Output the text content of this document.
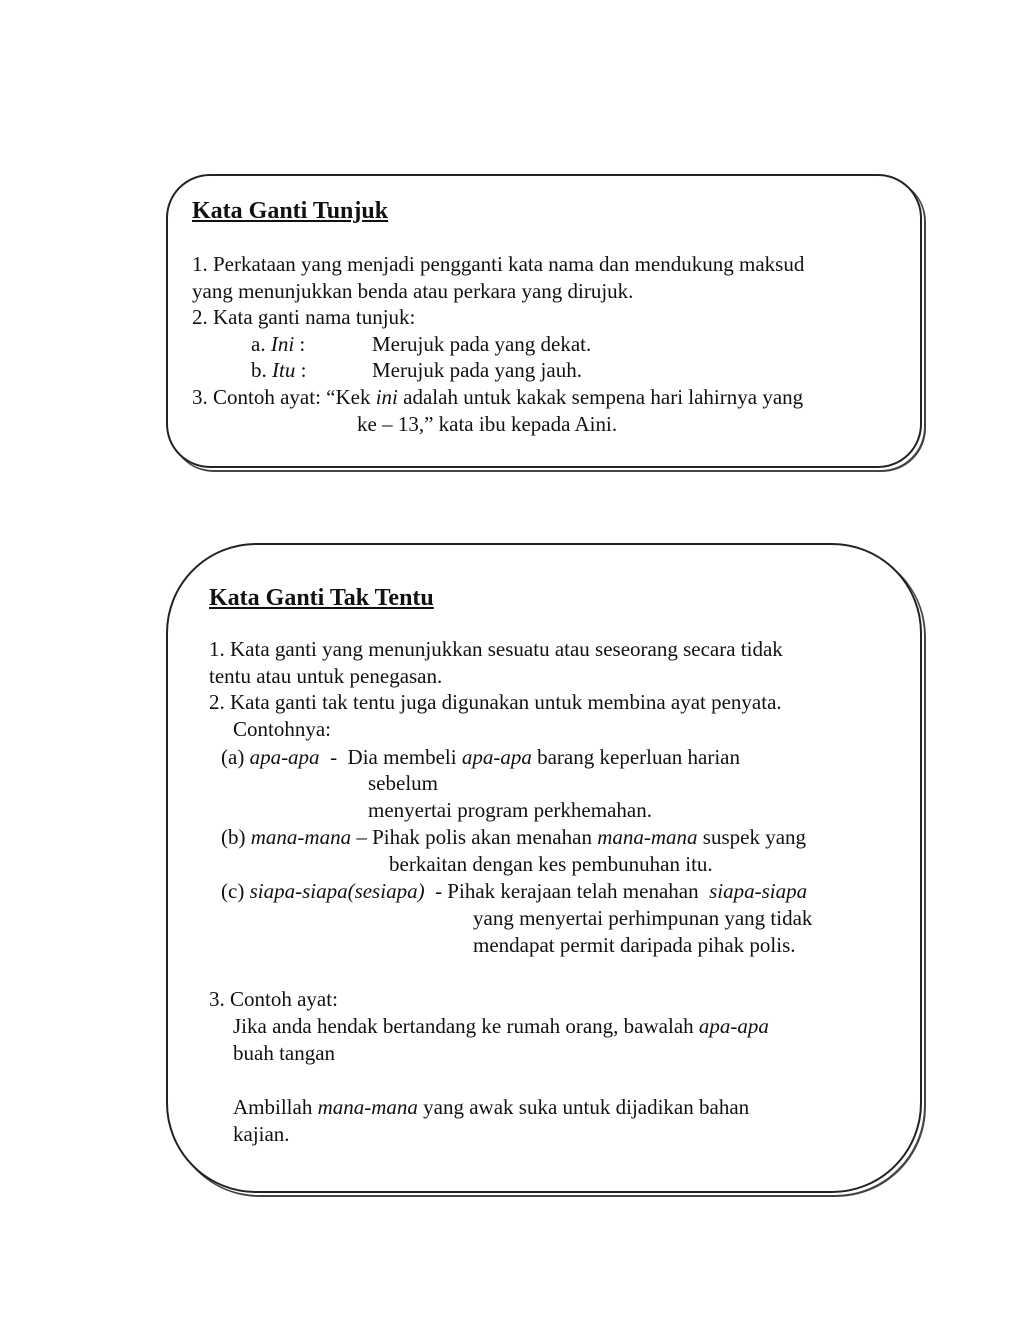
Kata Ganti Tunjuk
1. Perkataan yang menjadi pengganti kata nama dan mendukung maksud
yang menunjukkan benda atau perkara yang dirujuk.
2. Kata ganti nama tunjuk:
a. Ini :	Merujuk pada yang dekat.
b. Itu :	Merujuk pada yang jauh.
3. Contoh ayat: “Kek ini adalah untuk kakak sempena hari lahirnya yang
ke – 13,” kata ibu kepada Aini.
Kata Ganti Tak Tentu
1. Kata ganti yang menunjukkan sesuatu atau seseorang secara tidak
tentu atau untuk penegasan.
2. Kata ganti tak tentu juga digunakan untuk membina ayat penyata.
Contohnya:
(a) apa-apa  -  Dia membeli apa-apa barang keperluan harian
sebelum
menyertai program perkhemahan.
(b) mana-mana – Pihak polis akan menahan mana-mana suspek yang
berkaitan dengan kes pembunuhan itu.
(c) siapa-siapa(sesiapa)  - Pihak kerajaan telah menahan  siapa-siapa
yang menyertai perhimpunan yang tidak
mendapat permit daripada pihak polis.
3. Contoh ayat:
Jika anda hendak bertandang ke rumah orang, bawalah apa-apa
buah tangan
Ambillah mana-mana yang awak suka untuk dijadikan bahan
kajian.
